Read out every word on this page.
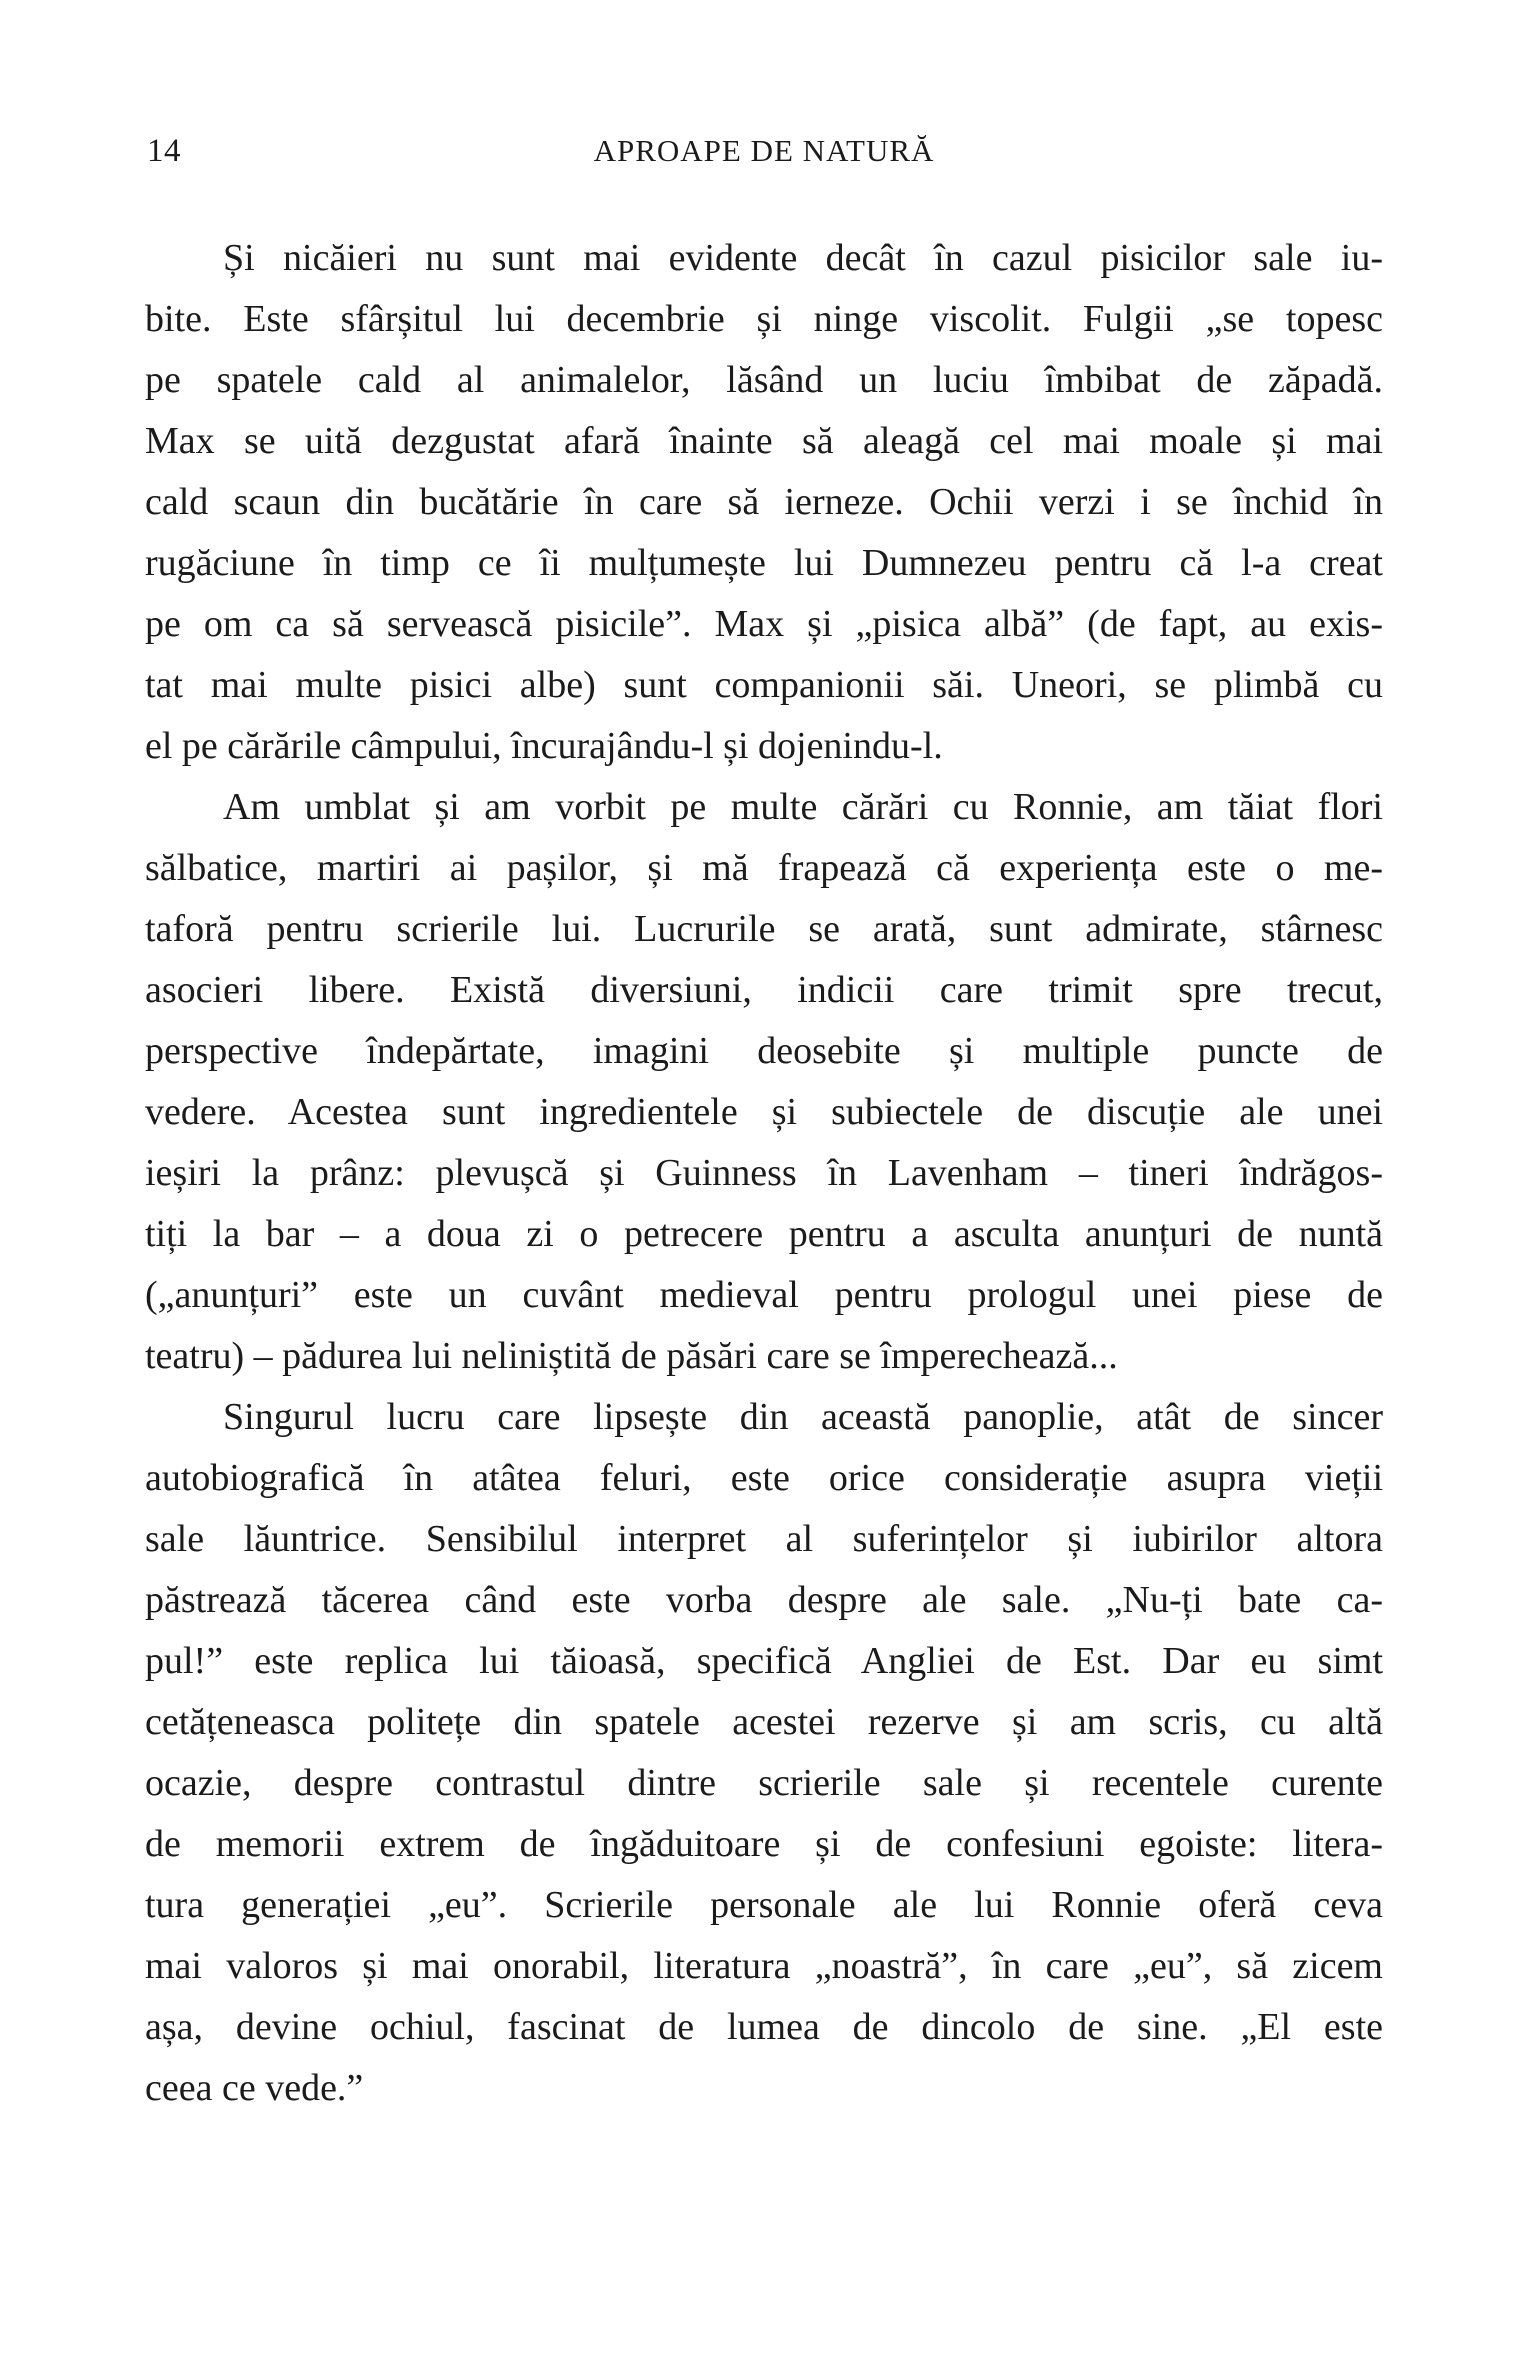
14	APROAPE DE NATURĂ
Și nicăieri nu sunt mai evidente decât în cazul pisicilor sale iu-
bite. Este sfârșitul lui decembrie și ninge viscolit. Fulgii „se topesc
pe spatele cald al animalelor, lăsând un luciu îmbibat de zăpadă.
Max se uită dezgustat afară înainte să aleagă cel mai moale și mai
cald scaun din bucătărie în care să ierneze. Ochii verzi i se închid în
rugăciune în timp ce îi mulțumește lui Dumnezeu pentru că l-a creat
pe om ca să servească pisicile”. Max și „pisica albă” (de fapt, au exis-
tat mai multe pisici albe) sunt companionii săi. Uneori, se plimbă cu
el pe cărările câmpului, încurajându-l și dojenindu-l.
Am umblat și am vorbit pe multe cărări cu Ronnie, am tăiat flori
sălbatice, martiri ai pașilor, și mă frapează că experiența este o me-
taforă pentru scrierile lui. Lucrurile se arată, sunt admirate, stârnesc
asocieri libere. Există diversiuni, indicii care trimit spre trecut,
perspective îndepărtate, imagini deosebite și multiple puncte de
vedere. Acestea sunt ingredientele și subiectele de discuție ale unei
ieșiri la prânz: plevușcă și Guinness în Lavenham – tineri îndrăgos-
tiți la bar – a doua zi o petrecere pentru a asculta anunțuri de nuntă
(„anunțuri” este un cuvânt medieval pentru prologul unei piese de
teatru) – pădurea lui neliniștită de păsări care se împerechează...
Singurul lucru care lipsește din această panoplie, atât de sincer
autobiografică în atâtea feluri, este orice considerație asupra vieții
sale lăuntrice. Sensibilul interpret al suferințelor și iubirilor altora
păstrează tăcerea când este vorba despre ale sale. „Nu-ți bate ca-
pul!” este replica lui tăioasă, specifică Angliei de Est. Dar eu simt
cetățeneasca politețe din spatele acestei rezerve și am scris, cu altă
ocazie, despre contrastul dintre scrierile sale și recentele curente
de memorii extrem de îngăduitoare și de confesiuni egoiste: litera-
tura generației „eu”. Scrierile personale ale lui Ronnie oferă ceva
mai valoros și mai onorabil, literatura „noastră”, în care „eu”, să zicem
așa, devine ochiul, fascinat de lumea de dincolo de sine. „El este
ceea ce vede.”
